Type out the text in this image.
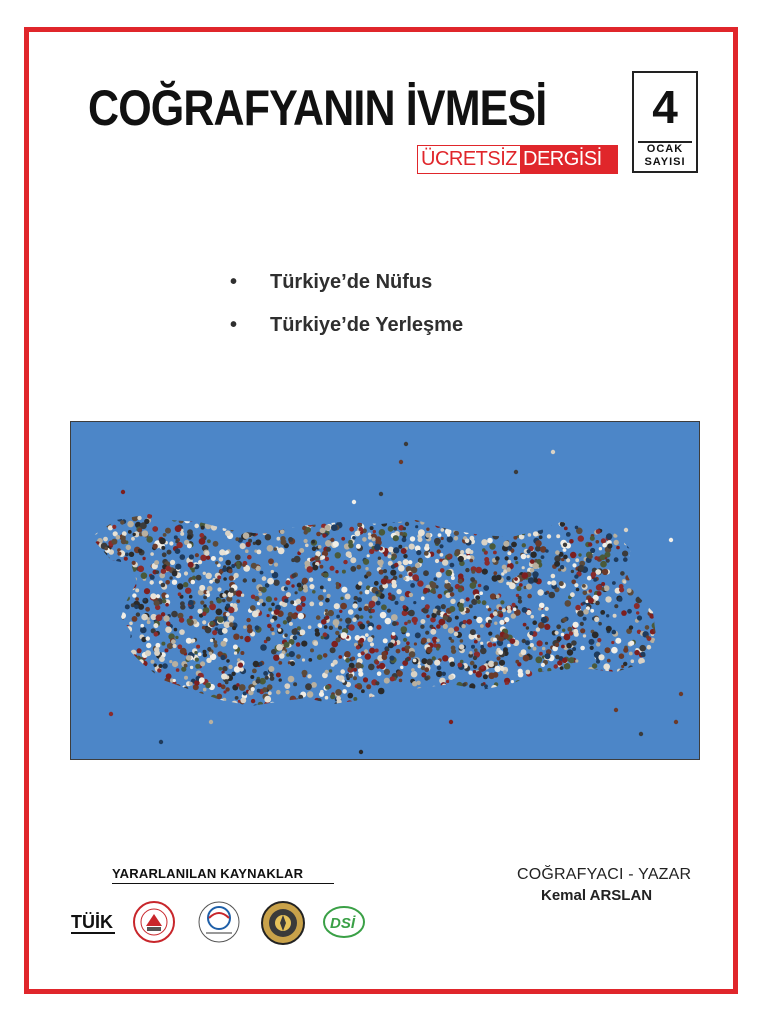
COĞRAFYANIN İVMESİ
ÜCRETSİZ DERGİSİ
4
OCAK
SAYISI
•	Türkiye’de Nüfus
•	Türkiye’de Yerleşme
YARARLANILAN KAYNAKLAR
TÜİK	DSİ
COĞRAFYACI - YAZAR
Kemal ARSLAN
